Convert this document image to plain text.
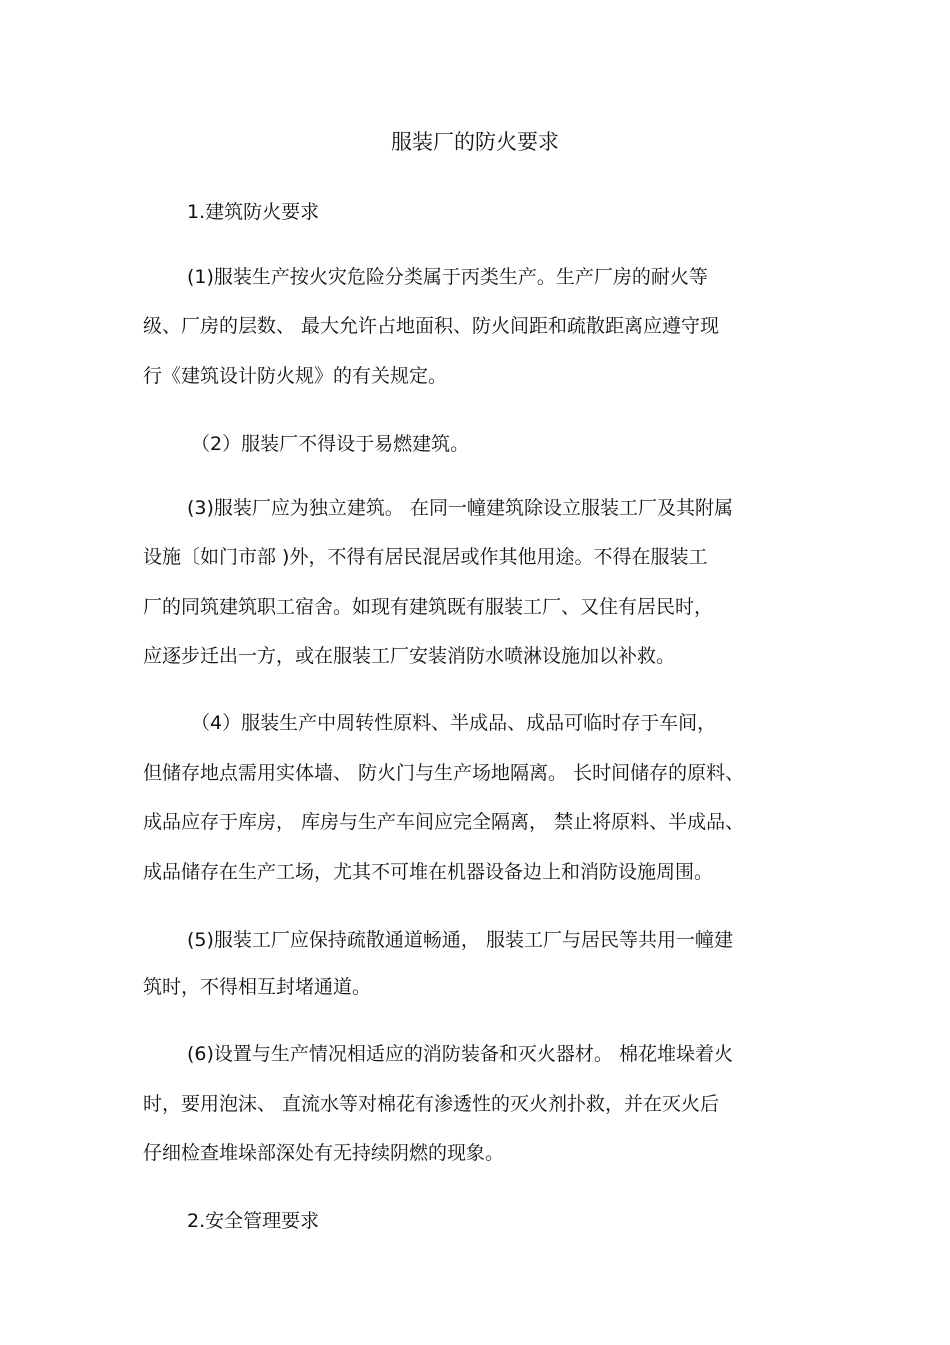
服装厂的防火要求
1.建筑防火要求
(1)服装生产按火灾危险分类属于丙类生产。生产厂房的耐火等
级、厂房的层数、 最大允许占地面积、防火间距和疏散距离应遵守现
行《建筑设计防火规》的有关规定。
（2）服装厂不得设于易燃建筑。
(3)服装厂应为独立建筑。 在同一幢建筑除设立服装工厂及其附属
设施〔如门市部 )外，不得有居民混居或作其他用途。不得在服装工
厂的同筑建筑职工宿舍。如现有建筑既有服装工厂、又住有居民时，
应逐步迁出一方，或在服装工厂安装消防水喷淋设施加以补救。
（4）服装生产中周转性原料、半成品、成品可临时存于车间，
但储存地点需用实体墙、 防火门与生产场地隔离。 长时间储存的原料、
成品应存于库房， 库房与生产车间应完全隔离， 禁止将原料、半成品、
成品储存在生产工场，尤其不可堆在机器设备边上和消防设施周围。
(5)服装工厂应保持疏散通道畅通， 服装工厂与居民等共用一幢建
筑时，不得相互封堵通道。
(6)设置与生产情况相适应的消防装备和灭火器材。 棉花堆垛着火
时，要用泡沫、 直流水等对棉花有渗透性的灭火剂扑救，并在灭火后
仔细检查堆垛部深处有无持续阴燃的现象。
2.安全管理要求
